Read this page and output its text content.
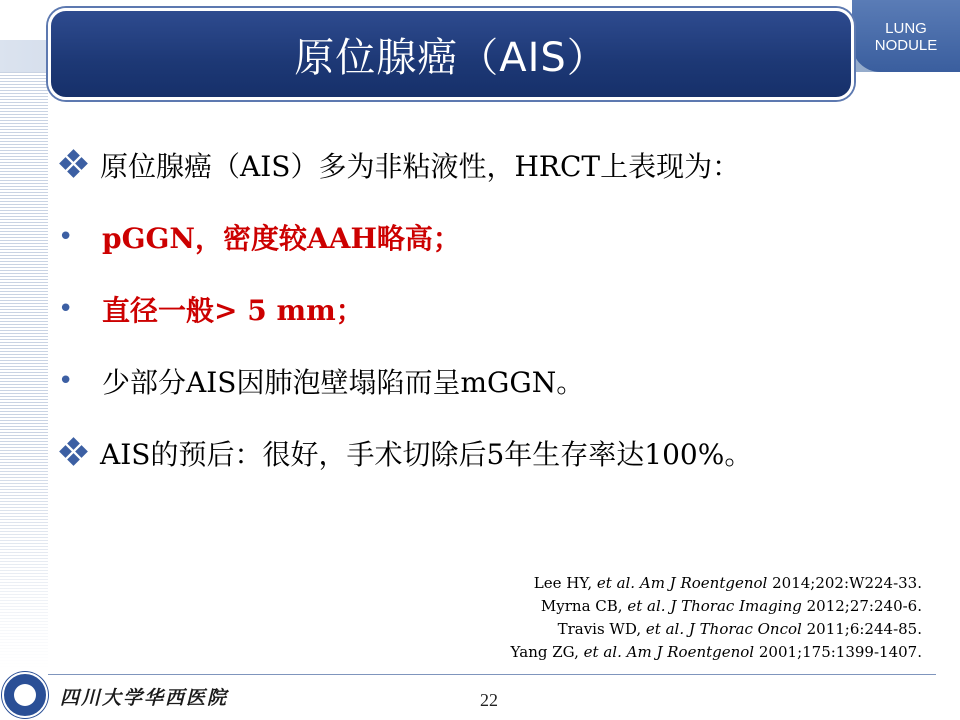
LUNG
NODULE
原位腺癌（AIS）
原位腺癌（AIS）多为非粘液性，HRCT上表现为：
•	pGGN，密度较AAH略高；
•	直径一般> 5 mm；
•	少部分AIS因肺泡壁塌陷而呈mGGN。
AIS的预后：很好，手术切除后5年生存率达100%。
Lee HY, et al. Am J Roentgenol 2014;202:W224-33.
Myrna CB, et al. J Thorac Imaging 2012;27:240-6.
Travis WD, et al. J Thorac Oncol 2011;6:244-85.
Yang ZG, et al. Am J Roentgenol 2001;175:1399-1407.
四川大学华西医院	22
